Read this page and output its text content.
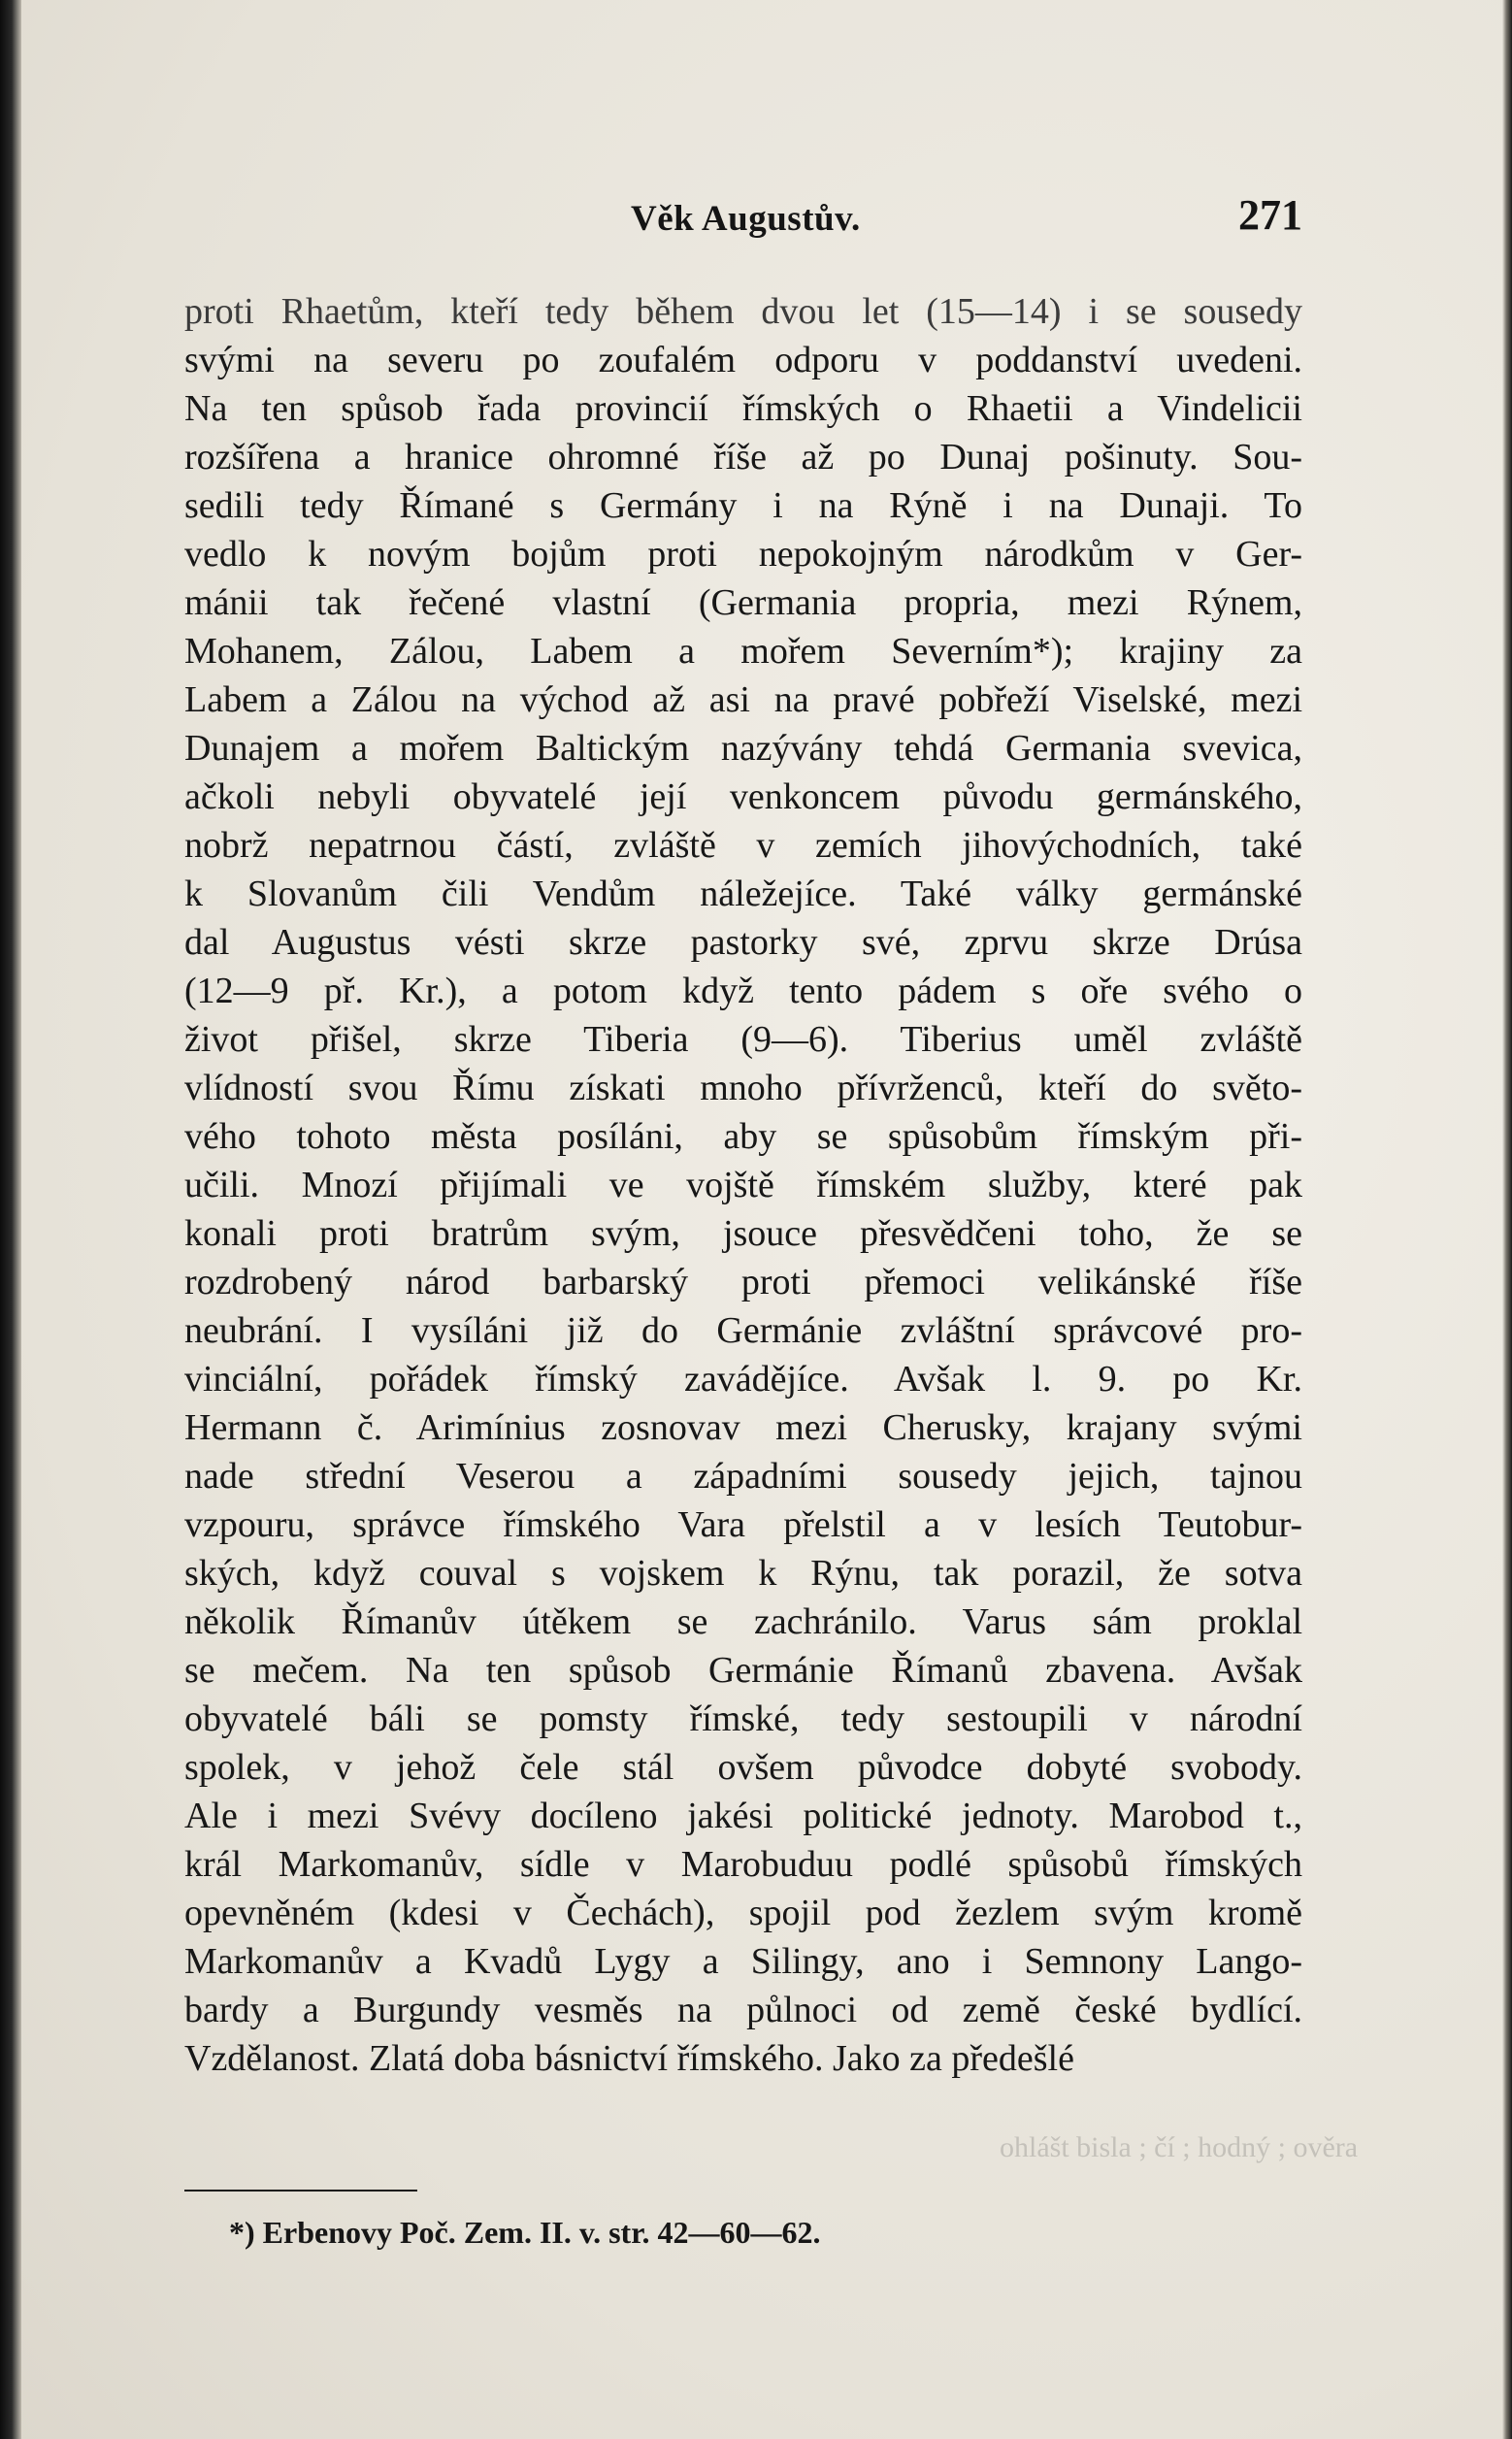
Věk Augustův.	271
proti Rhaetům, kteří tedy během dvou let (15—14) i se sousedy
svými na severu po zoufalém odporu v poddanství uvedeni.
Na ten spůsob řada provincií římských o Rhaetii a Vindelicii
rozšířena a hranice ohromné říše až po Dunaj pošinuty. Sou-
sedili tedy Římané s Germány i na Rýně i na Dunaji. To
vedlo k novým bojům proti nepokojným národkům v Ger-
mánii tak řečené vlastní (Germania propria, mezi Rýnem,
Mohanem, Zálou, Labem a mořem Severním*); krajiny za
Labem a Zálou na východ až asi na pravé pobřeží Viselské, mezi
Dunajem a mořem Baltickým nazývány tehdá Germania svevica,
ačkoli nebyli obyvatelé její venkoncem původu germánského,
nobrž nepatrnou částí, zvláště v zemích jihovýchodních, také
k Slovanům čili Vendům náležejíce. Také války germánské
dal Augustus vésti skrze pastorky své, zprvu skrze Drúsa
(12—9 př. Kr.), a potom když tento pádem s oře svého o
život přišel, skrze Tiberia (9—6). Tiberius uměl zvláště
vlídností svou Římu získati mnoho přívrženců, kteří do světo-
vého tohoto města posíláni, aby se spůsobům římským při-
učili. Mnozí přijímali ve vojště římském služby, které pak
konali proti bratrům svým, jsouce přesvědčeni toho, že se
rozdrobený národ barbarský proti přemoci velikánské říše
neubrání. I vysíláni již do Germánie zvláštní správcové pro-
vinciální, pořádek římský zavádějíce. Avšak l. 9. po Kr.
Hermann č. Arimínius zosnovav mezi Cherusky, krajany svými
nade střední Veserou a západními sousedy jejich, tajnou
vzpouru, správce římského Vara přelstil a v lesích Teutobur-
ských, když couval s vojskem k Rýnu, tak porazil, že sotva
několik Římanův útěkem se zachránilo. Varus sám proklal
se mečem. Na ten spůsob Germánie Římanů zbavena. Avšak
obyvatelé báli se pomsty římské, tedy sestoupili v národní
spolek, v jehož čele stál ovšem původce dobyté svobody.
Ale i mezi Svévy docíleno jakési politické jednoty. Marobod t.,
král Markomanův, sídle v Marobuduu podlé spůsobů římských
opevněném (kdesi v Čechách), spojil pod žezlem svým kromě
Markomanův a Kvadů Lygy a Silingy, ano i Semnony Lango-
bardy a Burgundy vesměs na půlnoci od země české bydlící.
Vzdělanost. Zlatá doba básnictví římského. Jako za předešlé
*) Erbenovy Poč. Zem. II. v. str. 42—60—62.
ohlášt bisla ; čí ; hodný ; ověra
